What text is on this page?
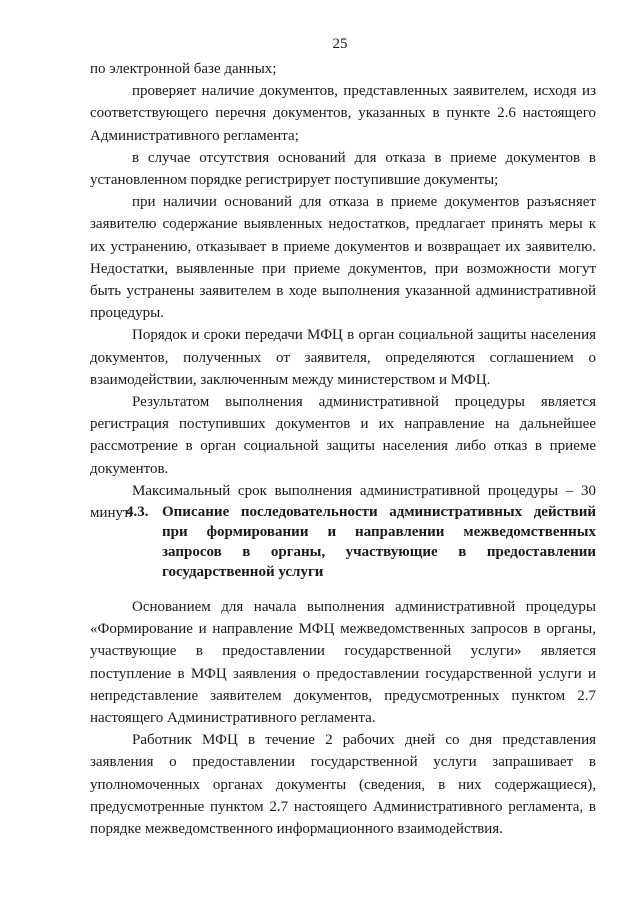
25

по электронной базе данных;

проверяет наличие документов, представленных заявителем, исходя из соответствующего перечня документов, указанных в пункте 2.6 настоящего Административного регламента;

в случае отсутствия оснований для отказа в приеме документов в установленном порядке регистрирует поступившие документы;

при наличии оснований для отказа в приеме документов разъясняет заявителю содержание выявленных недостатков, предлагает принять меры к их устранению, отказывает в приеме документов и возвращает их заявителю. Недостатки, выявленные при приеме документов, при возможности могут быть устранены заявителем в ходе выполнения указанной административной процедуры.

Порядок и сроки передачи МФЦ в орган социальной защиты населения документов, полученных от заявителя, определяются соглашением о взаимодействии, заключенным между министерством и МФЦ.

Результатом выполнения административной процедуры является регистрация поступивших документов и их направление на дальнейшее рассмотрение в орган социальной защиты населения либо отказ в приеме документов.

Максимальный срок выполнения административной процедуры – 30 минут.

4.3. Описание последовательности административных действий при формировании и направлении межведомственных запросов в органы, участвующие в предоставлении государственной услуги

Основанием для начала выполнения административной процедуры «Формирование и направление МФЦ межведомственных запросов в органы, участвующие в предоставлении государственной услуги» является поступление в МФЦ заявления о предоставлении государственной услуги и непредставление заявителем документов, предусмотренных пунктом 2.7 настоящего Административного регламента.

Работник МФЦ в течение 2 рабочих дней со дня представления заявления о предоставлении государственной услуги запрашивает в уполномоченных органах документы (сведения, в них содержащиеся), предусмотренные пунктом 2.7 настоящего Административного регламента, в порядке межведомственного информационного взаимодействия.
